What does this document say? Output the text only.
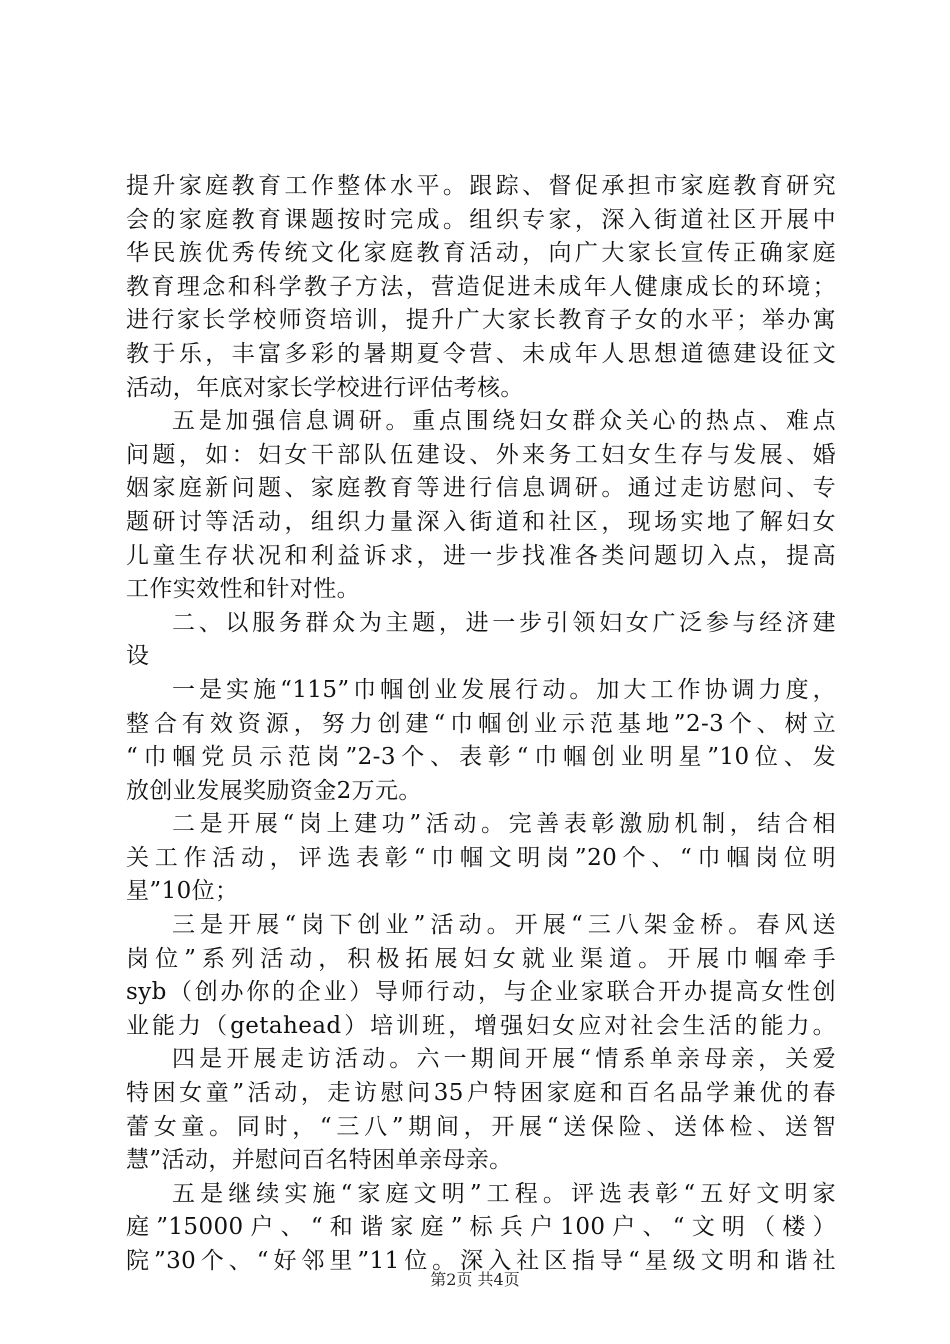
提升家庭教育工作整体水平。跟踪、督促承担市家庭教育研究
会的家庭教育课题按时完成。组织专家，深入街道社区开展中
华民族优秀传统文化家庭教育活动，向广大家长宣传正确家庭
教育理念和科学教子方法，营造促进未成年人健康成长的环境；
进行家长学校师资培训，提升广大家长教育子女的水平；举办寓
教于乐，丰富多彩的暑期夏令营、未成年人思想道德建设征文
活动，年底对家长学校进行评估考核。
五是加强信息调研。重点围绕妇女群众关心的热点、难点
问题，如：妇女干部队伍建设、外来务工妇女生存与发展、婚
姻家庭新问题、家庭教育等进行信息调研。通过走访慰问、专
题研讨等活动，组织力量深入街道和社区，现场实地了解妇女
儿童生存状况和利益诉求，进一步找准各类问题切入点，提高
工作实效性和针对性。
二、以服务群众为主题，进一步引领妇女广泛参与经济建
设
一是实施“115”巾帼创业发展行动。加大工作协调力度，
整合有效资源，努力创建“巾帼创业示范基地”2-3个、树立
“巾帼党员示范岗”2-3个、表彰“巾帼创业明星”10位、发
放创业发展奖励资金2万元。
二是开展“岗上建功”活动。完善表彰激励机制，结合相
关工作活动，评选表彰“巾帼文明岗”20个、“巾帼岗位明
星”10位；
三是开展“岗下创业”活动。开展“三八架金桥。春风送
岗位”系列活动，积极拓展妇女就业渠道。开展巾帼牵手
syb（创办你的企业）导师行动，与企业家联合开办提高女性创
业能力（getahead）培训班，增强妇女应对社会生活的能力。
四是开展走访活动。六一期间开展“情系单亲母亲，关爱
特困女童”活动，走访慰问35户特困家庭和百名品学兼优的春
蕾女童。同时，“三八”期间，开展“送保险、送体检、送智
慧”活动，并慰问百名特困单亲母亲。
五是继续实施“家庭文明”工程。评选表彰“五好文明家
庭”15000户、“和谐家庭”标兵户100户、“文明（楼）
院”30个、“好邻里”11位。深入社区指导“星级文明和谐社
第2页 共4页
